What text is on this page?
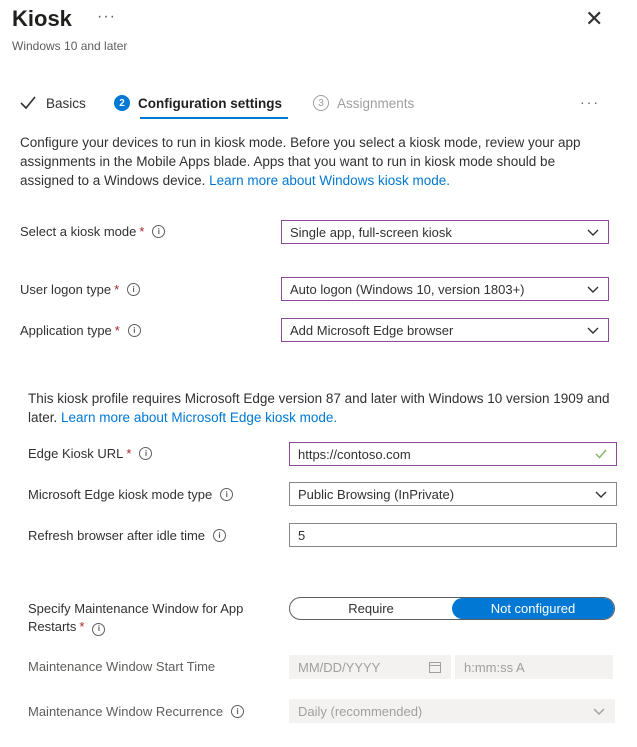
Kiosk ···	✕
Windows 10 and later
Basics	2 Configuration settings	3 Assignments	···
Configure your devices to run in kiosk mode. Before you select a kiosk mode, review your app assignments in the Mobile Apps blade. Apps that you want to run in kiosk mode should be assigned to a Windows device. Learn more about Windows kiosk mode.
Select a kiosk mode *	i	Single app, full-screen kiosk
User logon type *	i	Auto logon (Windows 10, version 1803+)
Application type *	i	Add Microsoft Edge browser
This kiosk profile requires Microsoft Edge version 87 and later with Windows 10 version 1909 and later. Learn more about Microsoft Edge kiosk mode.
Edge Kiosk URL *	i	https://contoso.com
Microsoft Edge kiosk mode type	i	Public Browsing (InPrivate)
Refresh browser after idle time	i	5
Specify Maintenance Window for App Restarts * i
Require	Not configured
Maintenance Window Start Time	MM/DD/YYYY	h:mm:ss A
Maintenance Window Recurrence	i	Daily (recommended)
